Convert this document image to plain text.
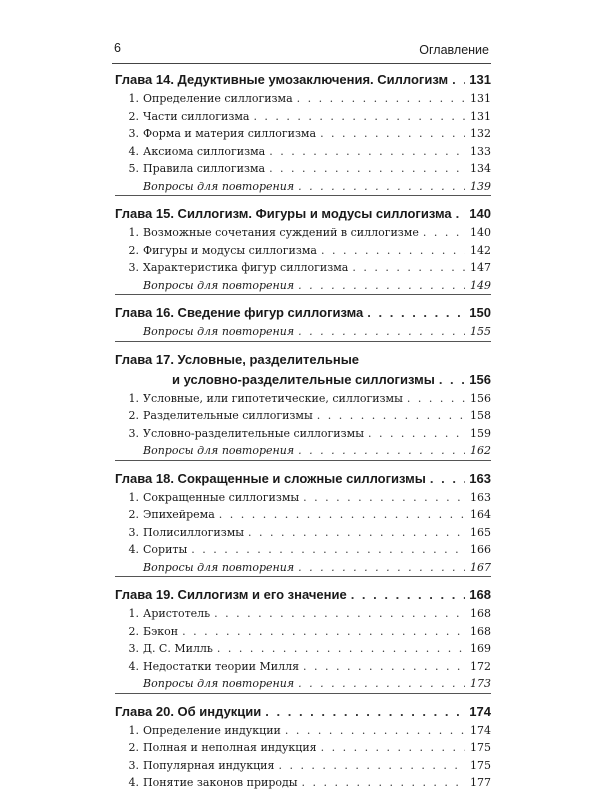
6	Оглавление
Глава 14. Дедуктивные умозаключения. Силлогизм . . . 131
1. Определение силлогизма . . .	131
2. Части силлогизма . . .	131
3. Форма и материя силлогизма . . .	132
4. Аксиома силлогизма . . .	133
5. Правила силлогизма . . .	134
Вопросы для повторения . . .	139
Глава 15. Силлогизм. Фигуры и модусы силлогизма . . . 140
1. Возможные сочетания суждений в силлогизме . . .	140
2. Фигуры и модусы силлогизма . . .	142
3. Характеристика фигур силлогизма . . .	147
Вопросы для повторения . . .	149
Глава 16. Сведение фигур силлогизма . . .	150
Вопросы для повторения . . .	155
Глава 17. Условные, разделительные
и условно-разделительные силлогизмы . . .	156
1. Условные, или гипотетические, силлогизмы . . .	156
2. Разделительные силлогизмы . . .	158
3. Условно-разделительные силлогизмы . . .	159
Вопросы для повторения . . .	162
Глава 18. Сокращенные и сложные силлогизмы . . .	163
1. Сокращенные силлогизмы . . .	163
2. Эпихейрема . . .	164
3. Полисиллогизмы . . .	165
4. Сориты . . .	166
Вопросы для повторения . . .	167
Глава 19. Силлогизм и его значение . . .	168
1. Аристотель . . .	168
2. Бэкон . . .	168
3. Д. С. Милль . . .	169
4. Недостатки теории Милля . . .	172
Вопросы для повторения . . .	173
Глава 20. Об индукции . . .	174
1. Определение индукции . . .	174
2. Полная и неполная индукция . . .	175
3. Популярная индукция . . .	175
4. Понятие законов природы . . .	177
